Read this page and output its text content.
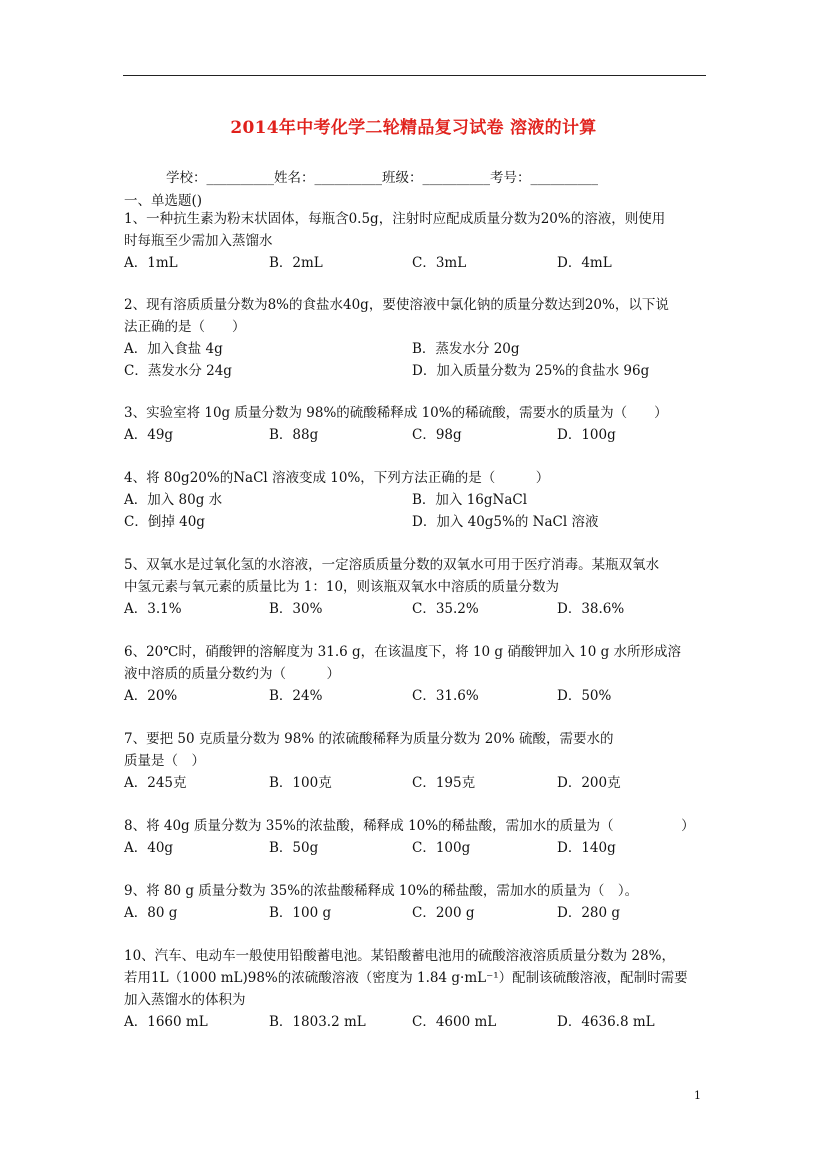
2014年中考化学二轮精品复习试卷 溶液的计算
学校：__________姓名：__________班级：__________考号：__________
一、单选题()

1、一种抗生素为粉末状固体，每瓶含0.5g，注射时应配成质量分数为20%的溶液，则使用

时每瓶至少需加入蒸馏水

A．1mL	B．2mL	C．3mL	D．4mL

2、现有溶质质量分数为8%的食盐水40g，要使溶液中氯化钠的质量分数达到20%，以下说

法正确的是（　　）

A．加入食盐 4g	B．蒸发水分 20g
C．蒸发水分 24g	D．加入质量分数为 25%的食盐水 96g

3、实验室将 10g 质量分数为 98%的硫酸稀释成 10%的稀硫酸，需要水的质量为（　　）

A．49g	B．88g	C．98g	D．100g

4、将 80g20%的NaCl 溶液变成 10%，下列方法正确的是（　　　）

A．加入 80g 水	B．加入 16gNaCl
C．倒掉 40g	D．加入 40g5%的 NaCl 溶液

5、双氧水是过氧化氢的水溶液，一定溶质质量分数的双氧水可用于医疗消毒。某瓶双氧水

中氢元素与氧元素的质量比为 1：10，则该瓶双氧水中溶质的质量分数为

A．3.1%	B．30%	C．35.2%	D．38.6%

6、20℃时，硝酸钾的溶解度为 31.6 g，在该温度下，将 10 g 硝酸钾加入 10 g 水所形成溶

液中溶质的质量分数约为（　　　）

A．20%	B．24%	C．31.6%	D．50%

7、要把 50 克质量分数为 98% 的浓硫酸稀释为质量分数为 20% 硫酸，需要水的

质量是（　）

A．245克	B．100克	C．195克	D．200克

8、将 40g 质量分数为 35%的浓盐酸，稀释成 10%的稀盐酸，需加水的质量为（　　　　　）

A．40g	B．50g	C．100g	D．140g

9、将 80 g 质量分数为 35%的浓盐酸稀释成 10%的稀盐酸，需加水的质量为（　）。

A．80 g	B．100 g	C．200 g	D．280 g

10、汽车、电动车一般使用铅酸蓄电池。某铅酸蓄电池用的硫酸溶液溶质质量分数为 28%，

若用1L（1000 mL)98%的浓硫酸溶液（密度为 1.84 g·mL⁻¹）配制该硫酸溶液，配制时需要

加入蒸馏水的体积为

A．1660 mL	B．1803.2 mL	C．4600 mL	D．4636.8 mL
1
